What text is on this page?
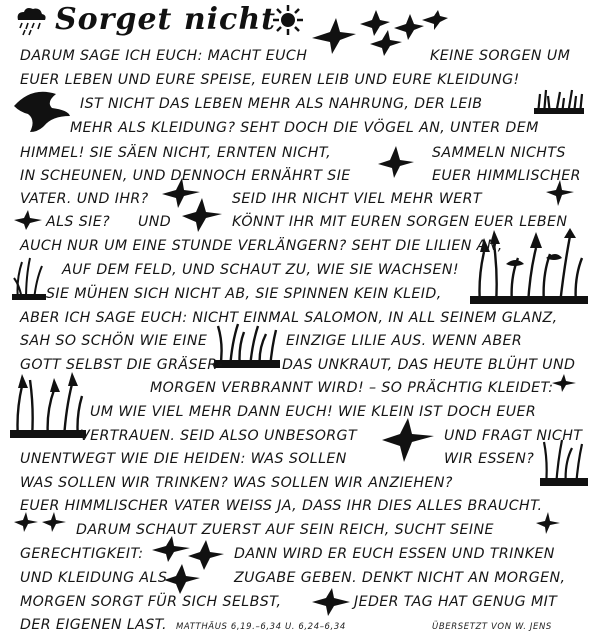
Sorget nicht
DARUM SAGE ICH EUCH: MACHT EUCH	KEINE SORGEN UM
EUER LEBEN UND EURE SPEISE, EUREN LEIB UND EURE KLEIDUNG!
IST NICHT DAS LEBEN MEHR ALS NAHRUNG, DER LEIB
MEHR ALS KLEIDUNG? SEHT DOCH DIE VÖGEL AN, UNTER DEM
HIMMEL! SIE SÄEN NICHT, ERNTEN NICHT,	SAMMELN NICHTS
IN SCHEUNEN, UND DENNOCH ERNÄHRT SIE	EUER HIMMLISCHER
VATER. UND IHR?	SEID IHR NICHT VIEL MEHR WERT
ALS SIE? UND	KÖNNT IHR MIT EUREN SORGEN EUER LEBEN
AUCH NUR UM EINE STUNDE VERLÄNGERN? SEHT DIE LILIEN AN,
AUF DEM FELD, UND SCHAUT ZU, WIE SIE WACHSEN!
SIE MÜHEN SICH NICHT AB, SIE SPINNEN KEIN KLEID,
ABER ICH SAGE EUCH: NICHT EINMAL SALOMON, IN ALL SEINEM GLANZ,
SAH SO SCHÖN WIE EINE	EINZIGE LILIE AUS. WENN ABER
GOTT SELBST DIE GRÄSER-	DAS UNKRAUT, DAS HEUTE BLÜHT UND
MORGEN VERBRANNT WIRD! – SO PRÄCHTIG KLEIDET:
UM WIE VIEL MEHR DANN EUCH! WIE KLEIN IST DOCH EUER
VERTRAUEN. SEID ALSO UNBESORGT	UND FRAGT NICHT
UNENTWEGT WIE DIE HEIDEN: WAS SOLLEN	WIR ESSEN?
WAS SOLLEN WIR TRINKEN? WAS SOLLEN WIR ANZIEHEN?
EUER HIMMLISCHER VATER WEISS JA, DASS IHR DIES ALLES BRAUCHT.
DARUM SCHAUT ZUERST AUF SEIN REICH, SUCHT SEINE
GERECHTIGKEIT:	DANN WIRD ER EUCH ESSEN UND TRINKEN
UND KLEIDUNG ALS	ZUGABE GEBEN. DENKT NICHT AN MORGEN,
MORGEN SORGT FÜR SICH SELBST,	JEDER TAG HAT GENUG MIT
DER EIGENEN LAST. MATTHÄUS 6,19.–6,34 U. 6,24–6,34	ÜBERSETZT VON W. JENS
